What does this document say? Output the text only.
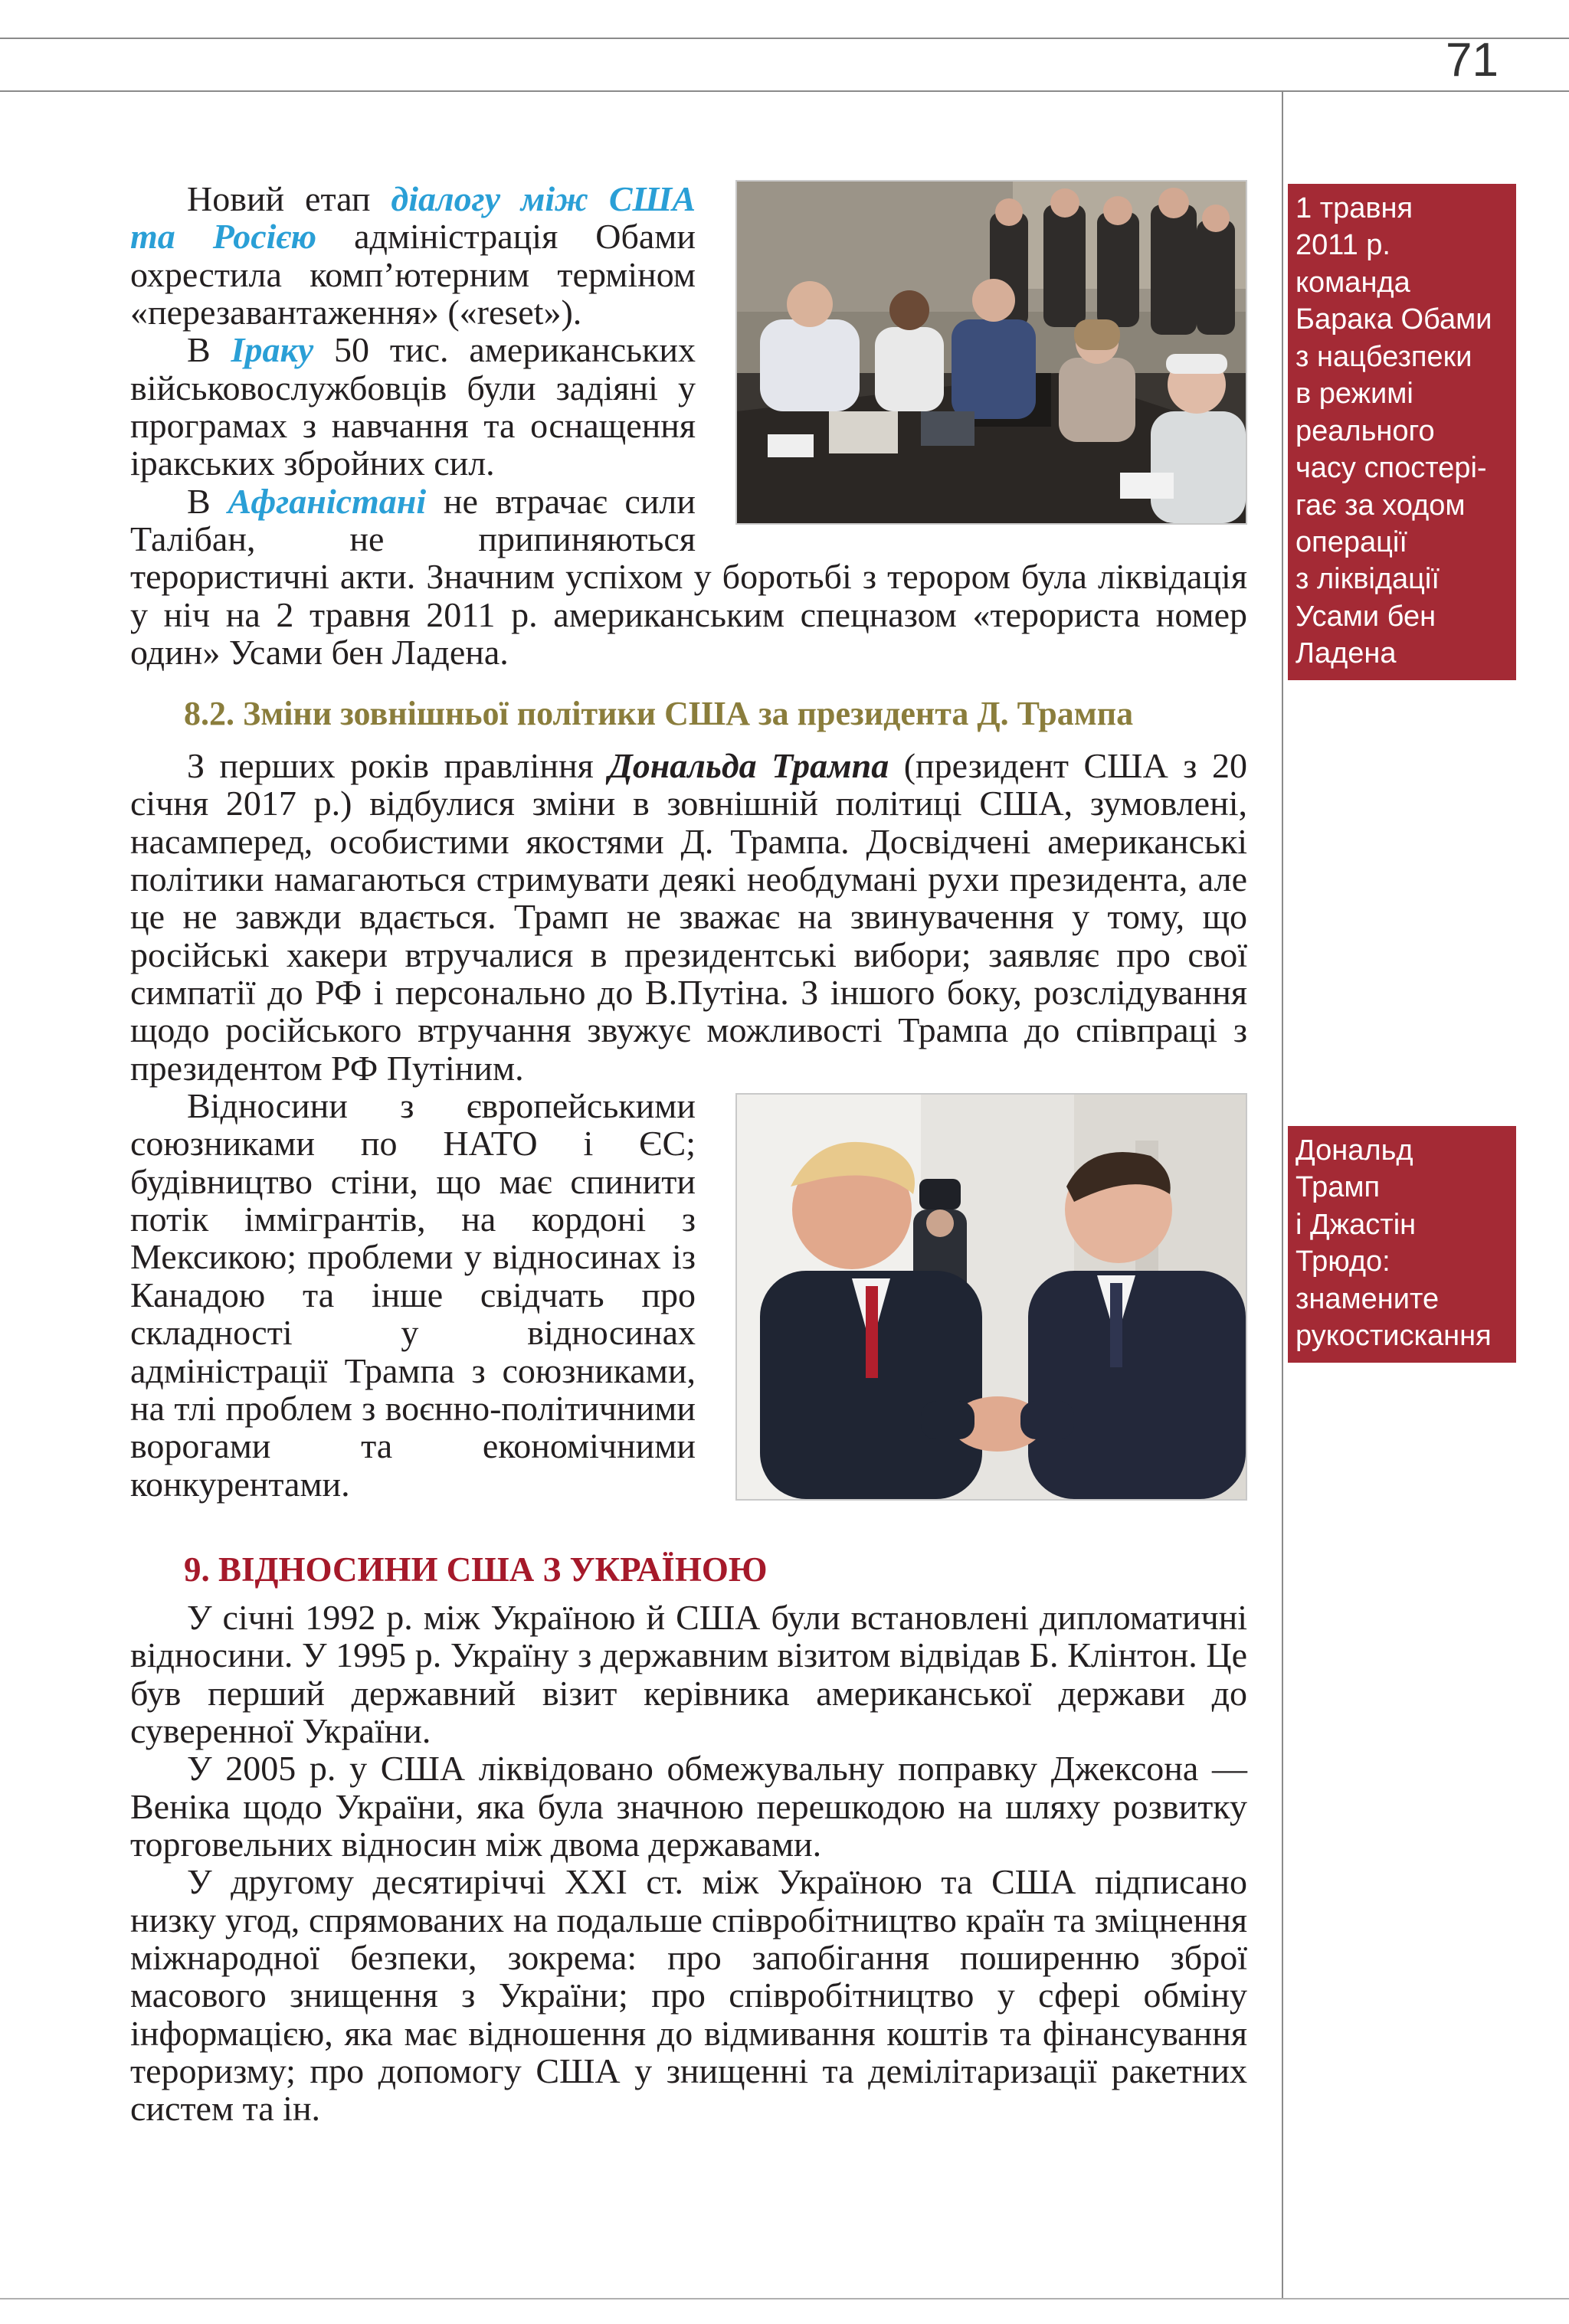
71

Новий етап діалогу між США та Росією адміністрація Обами охрестила комп’ютерним терміном «перезавантаження» («reset»).

В Іраку 50 тис. американських військовослужбовців були задіяні у програмах з навчання та оснащення іракських збройних сил.

В Афганістані не втрачає сили Талібан, не припиняються терористичні акти. Значним успіхом у боротьбі з терором була ліквідація у ніч на 2 травня 2011 р. американським спецназом «терориста номер один» Усами бен Ладена.

1 травня
2011 р.
команда
Барака Обами
з нацбезпеки
в режимі
реального
часу спостері-
гає за ходом
операції
з ліквідації
Усами бен
Ладена
8.2. Зміни зовнішньої політики США за президента Д. Трампа

З перших років правління Дональда Трампа (президент США з 20 січня 2017 р.) відбулися зміни в зовнішній політиці США, зумовлені, насамперед, особистими якостями Д. Трампа. Досвідчені американські політики намагаються стримувати деякі необдумані рухи президента, але це не завжди вдається. Трамп не зважає на звинувачення у тому, що російські хакери втручалися в президентські вибори; заявляє про свої симпатії до РФ і персонально до В.Путіна. З іншого боку, розслідування щодо російського втручання звужує можливості Трампа до співпраці з президентом РФ Путіним.

Відносини з європейськими союзниками по НАТО і ЄС; будівництво стіни, що має спинити потік іммігрантів, на кордоні з Мексикою; проблеми у відносинах із Канадою та інше свідчать про складності у відносинах адміністрації Трампа з союзниками, на тлі проблем з воєнно-політичними ворогами та економічними конкурентами.

Дональд
Трамп
і Джастін
Трюдо:
знамените
рукостискання
9. ВІДНОСИНИ США З УКРАЇНОЮ

У січні 1992 р. між Україною й США були встановлені дипломатичні відносини. У 1995 р. Україну з державним візитом відвідав Б. Клінтон. Це був перший державний візит керівника американської держави до суверенної України.

У 2005 р. у США ліквідовано обмежувальну поправку Джексона — Веніка щодо України, яка була значною перешкодою на шляху розвитку торговельних відносин між двома державами.

У другому десятиріччі ХХІ ст. між Україною та США підписано низку угод, спрямованих на подальше співробітництво країн та зміцнення міжнародної безпеки, зокрема: про запобігання поширенню зброї масового знищення з України; про співробітництво у сфері обміну інформацією, яка має відношення до відмивання коштів та фінансування тероризму; про допомогу США у знищенні та демілітаризації ракетних систем та ін.
